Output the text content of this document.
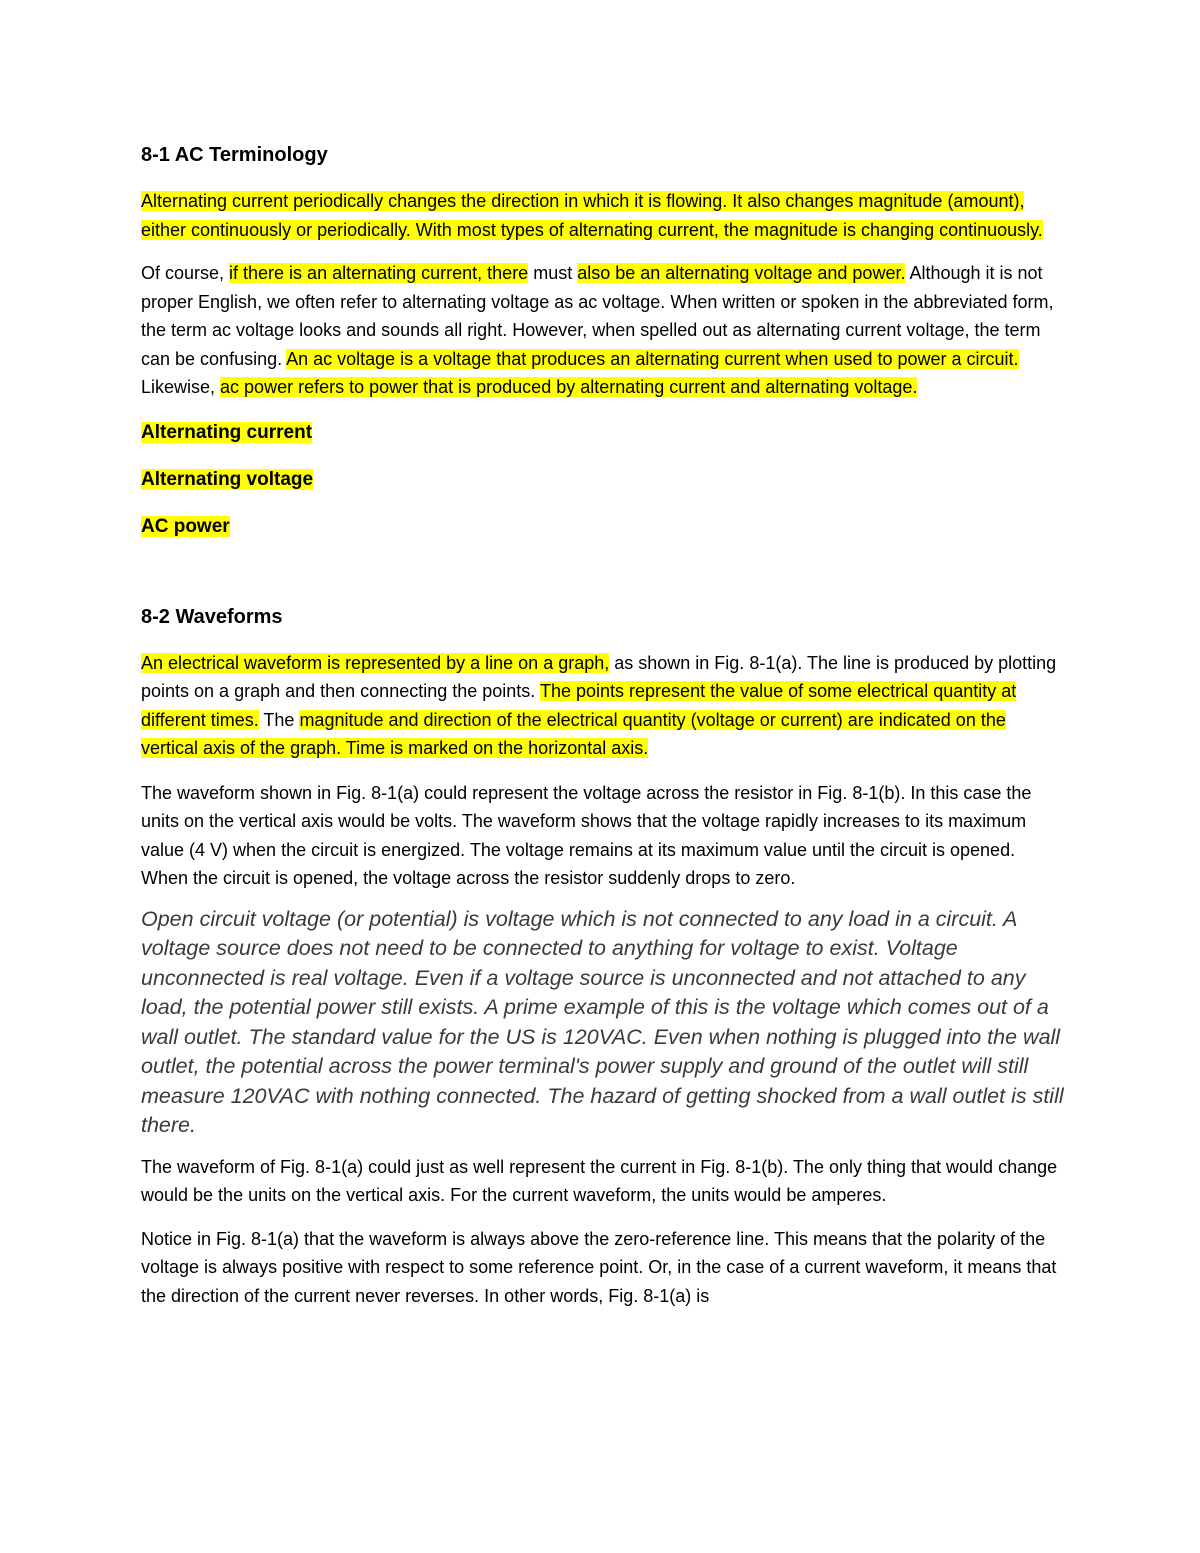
8-1 AC Terminology

Alternating current periodically changes the direction in which it is flowing. It also changes magnitude (amount), either continuously or periodically. With most types of alternating current, the magnitude is changing continuously.

Of course, if there is an alternating current, there must also be an alternating voltage and power. Although it is not proper English, we often refer to alternating voltage as ac voltage. When written or spoken in the abbreviated form, the term ac voltage looks and sounds all right. However, when spelled out as alternating current voltage, the term can be confusing. An ac voltage is a voltage that produces an alternating current when used to power a circuit. Likewise, ac power refers to power that is produced by alternating current and alternating voltage.

Alternating current

Alternating voltage

AC power

8-2 Waveforms

An electrical waveform is represented by a line on a graph, as shown in Fig. 8-1(a). The line is produced by plotting points on a graph and then connecting the points. The points represent the value of some electrical quantity at different times. The magnitude and direction of the electrical quantity (voltage or current) are indicated on the vertical axis of the graph. Time is marked on the horizontal axis.

The waveform shown in Fig. 8-1(a) could represent the voltage across the resistor in Fig. 8-1(b). In this case the units on the vertical axis would be volts. The waveform shows that the voltage rapidly increases to its maximum value (4 V) when the circuit is energized. The voltage remains at its maximum value until the circuit is opened. When the circuit is opened, the voltage across the resistor suddenly drops to zero.

Open circuit voltage (or potential) is voltage which is not connected to any load in a circuit. A voltage source does not need to be connected to anything for voltage to exist. Voltage unconnected is real voltage. Even if a voltage source is unconnected and not attached to any load, the potential power still exists. A prime example of this is the voltage which comes out of a wall outlet. The standard value for the US is 120VAC. Even when nothing is plugged into the wall outlet, the potential across the power terminal's power supply and ground of the outlet will still measure 120VAC with nothing connected. The hazard of getting shocked from a wall outlet is still there.

The waveform of Fig. 8-1(a) could just as well represent the current in Fig. 8-1(b). The only thing that would change would be the units on the vertical axis. For the current waveform, the units would be amperes.

Notice in Fig. 8-1(a) that the waveform is always above the zero-reference line. This means that the polarity of the voltage is always positive with respect to some reference point. Or, in the case of a current waveform, it means that the direction of the current never reverses. In other words, Fig. 8-1(a) is
